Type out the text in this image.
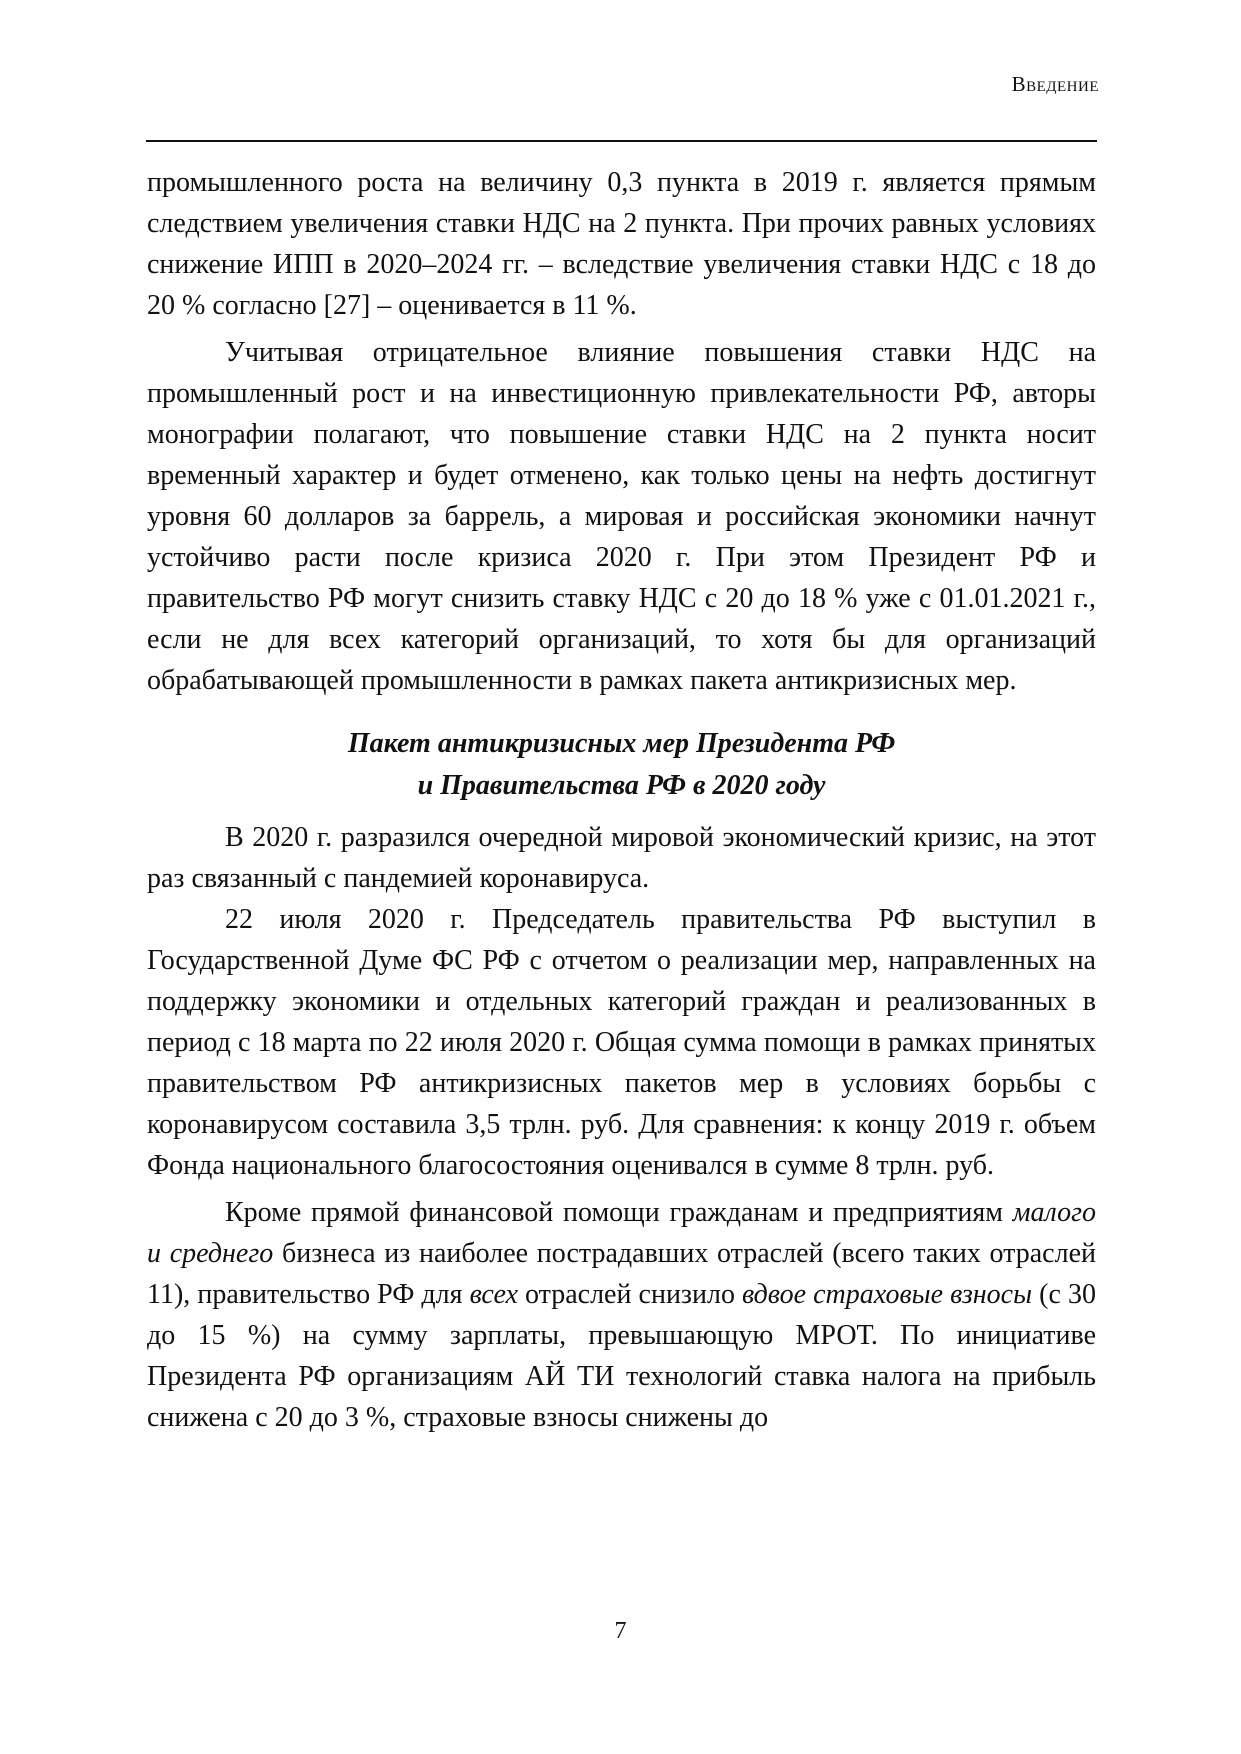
Введение

промышленного роста на величину 0,3 пункта в 2019 г. является прямым следствием увеличения ставки НДС на 2 пункта. При прочих равных условиях снижение ИПП в 2020–2024 гг. – вследствие увеличения ставки НДС с 18 до 20 % согласно [27] – оценивается в 11 %.

Учитывая отрицательное влияние повышения ставки НДС на промышленный рост и на инвестиционную привлекательности РФ, авторы монографии полагают, что повышение ставки НДС на 2 пункта носит временный характер и будет отменено, как только цены на нефть достигнут уровня 60 долларов за баррель, а мировая и российская экономики начнут устойчиво расти после кризиса 2020 г. При этом Президент РФ и правительство РФ могут снизить ставку НДС с 20 до 18 % уже с 01.01.2021 г., если не для всех категорий организаций, то хотя бы для организаций обрабатывающей промышленности в рамках пакета антикризисных мер.

Пакет антикризисных мер Президента РФ
и Правительства РФ в 2020 году

В 2020 г. разразился очередной мировой экономический кризис, на этот раз связанный с пандемией коронавируса.

22 июля 2020 г. Председатель правительства РФ выступил в Государственной Думе ФС РФ с отчетом о реализации мер, направленных на поддержку экономики и отдельных категорий граждан и реализованных в период с 18 марта по 22 июля 2020 г. Общая сумма помощи в рамках принятых правительством РФ антикризисных пакетов мер в условиях борьбы с коронавирусом составила 3,5 трлн. руб. Для сравнения: к концу 2019 г. объем Фонда национального благосостояния оценивался в сумме 8 трлн. руб.

Кроме прямой финансовой помощи гражданам и предприятиям малого и среднего бизнеса из наиболее пострадавших отраслей (всего таких отраслей 11), правительство РФ для всех отраслей снизило вдвое страховые взносы (с 30 до 15 %) на сумму зарплаты, превышающую МРОТ. По инициативе Президента РФ организациям АЙ ТИ технологий ставка налога на прибыль снижена с 20 до 3 %, страховые взносы снижены до

7
